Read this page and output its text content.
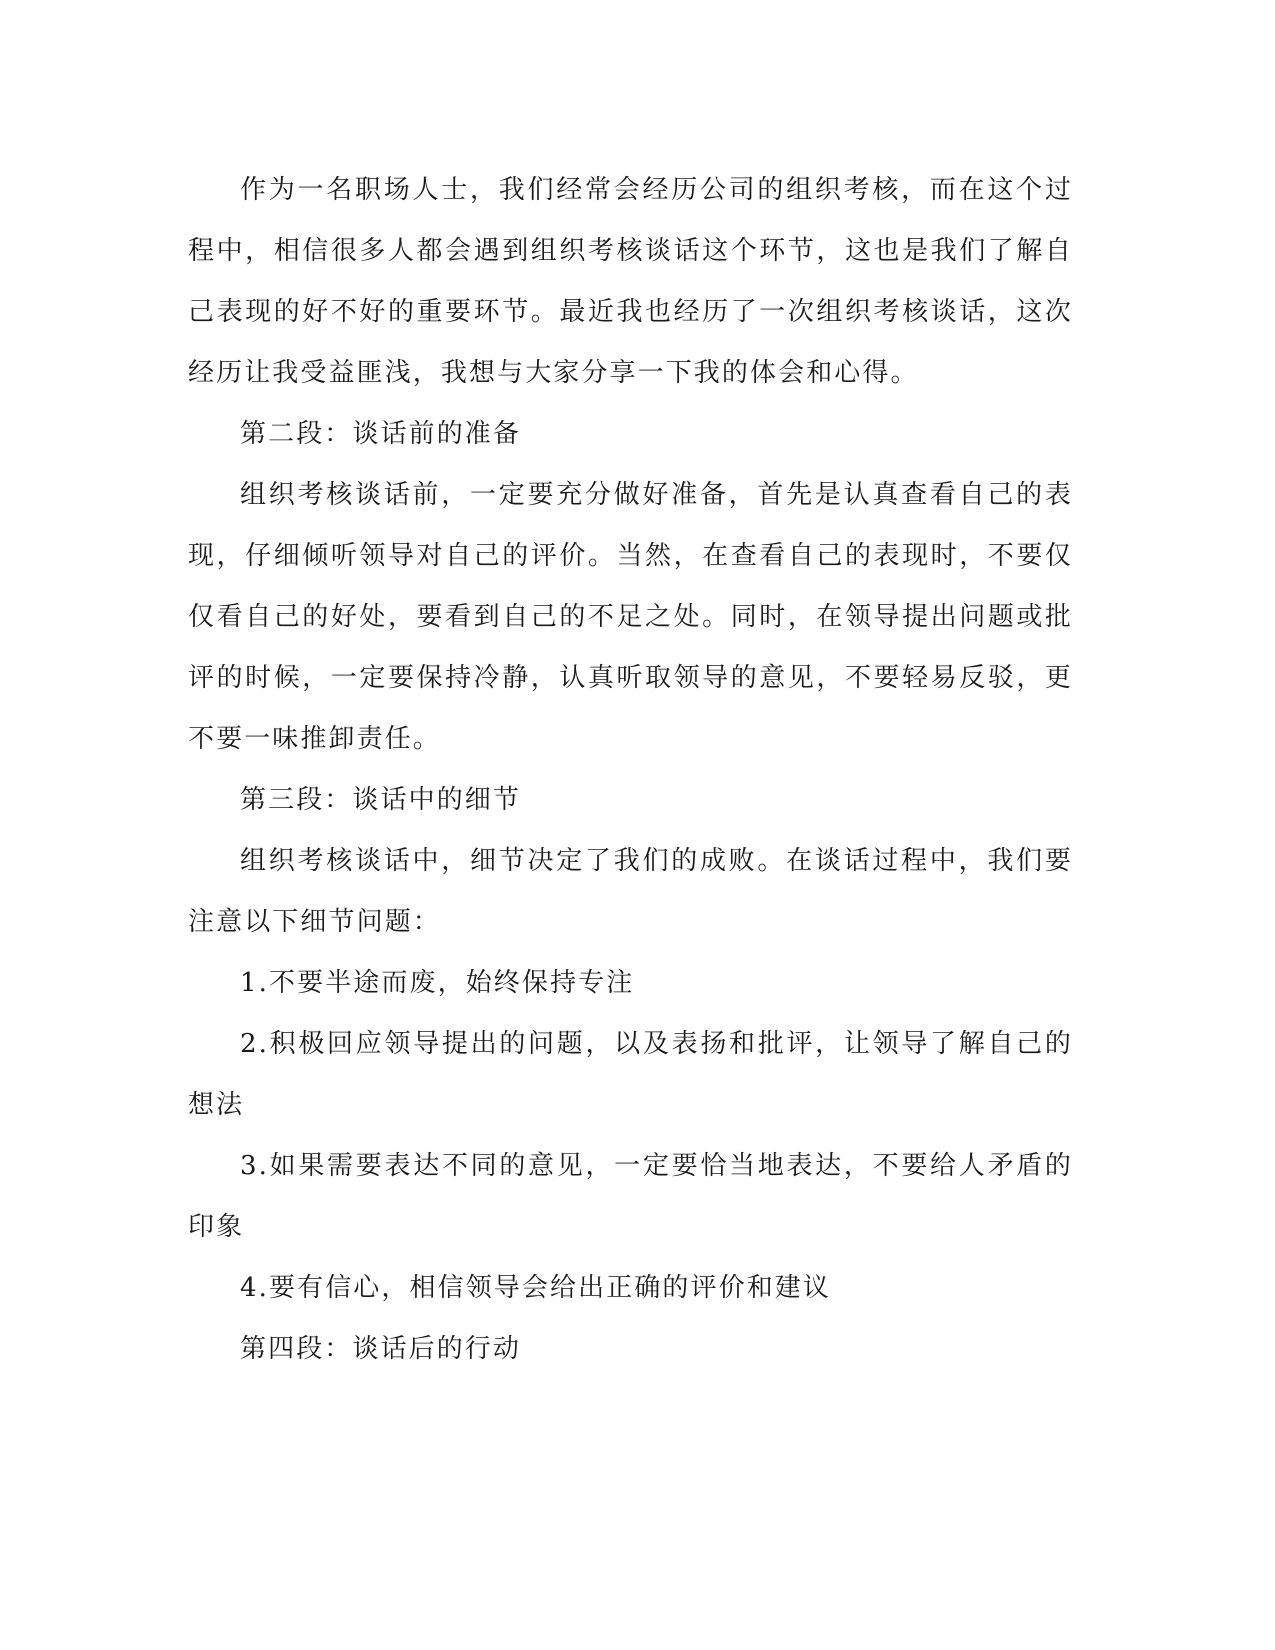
作为一名职场人士，我们经常会经历公司的组织考核，而在这个过程中，相信很多人都会遇到组织考核谈话这个环节，这也是我们了解自己表现的好不好的重要环节。最近我也经历了一次组织考核谈话，这次经历让我受益匪浅，我想与大家分享一下我的体会和心得。

第二段：谈话前的准备

组织考核谈话前，一定要充分做好准备，首先是认真查看自己的表现，仔细倾听领导对自己的评价。当然，在查看自己的表现时，不要仅仅看自己的好处，要看到自己的不足之处。同时，在领导提出问题或批评的时候，一定要保持冷静，认真听取领导的意见，不要轻易反驳，更不要一味推卸责任。

第三段：谈话中的细节

组织考核谈话中，细节决定了我们的成败。在谈话过程中，我们要注意以下细节问题：

1.不要半途而废，始终保持专注

2.积极回应领导提出的问题，以及表扬和批评，让领导了解自己的想法

3.如果需要表达不同的意见，一定要恰当地表达，不要给人矛盾的印象

4.要有信心，相信领导会给出正确的评价和建议

第四段：谈话后的行动
